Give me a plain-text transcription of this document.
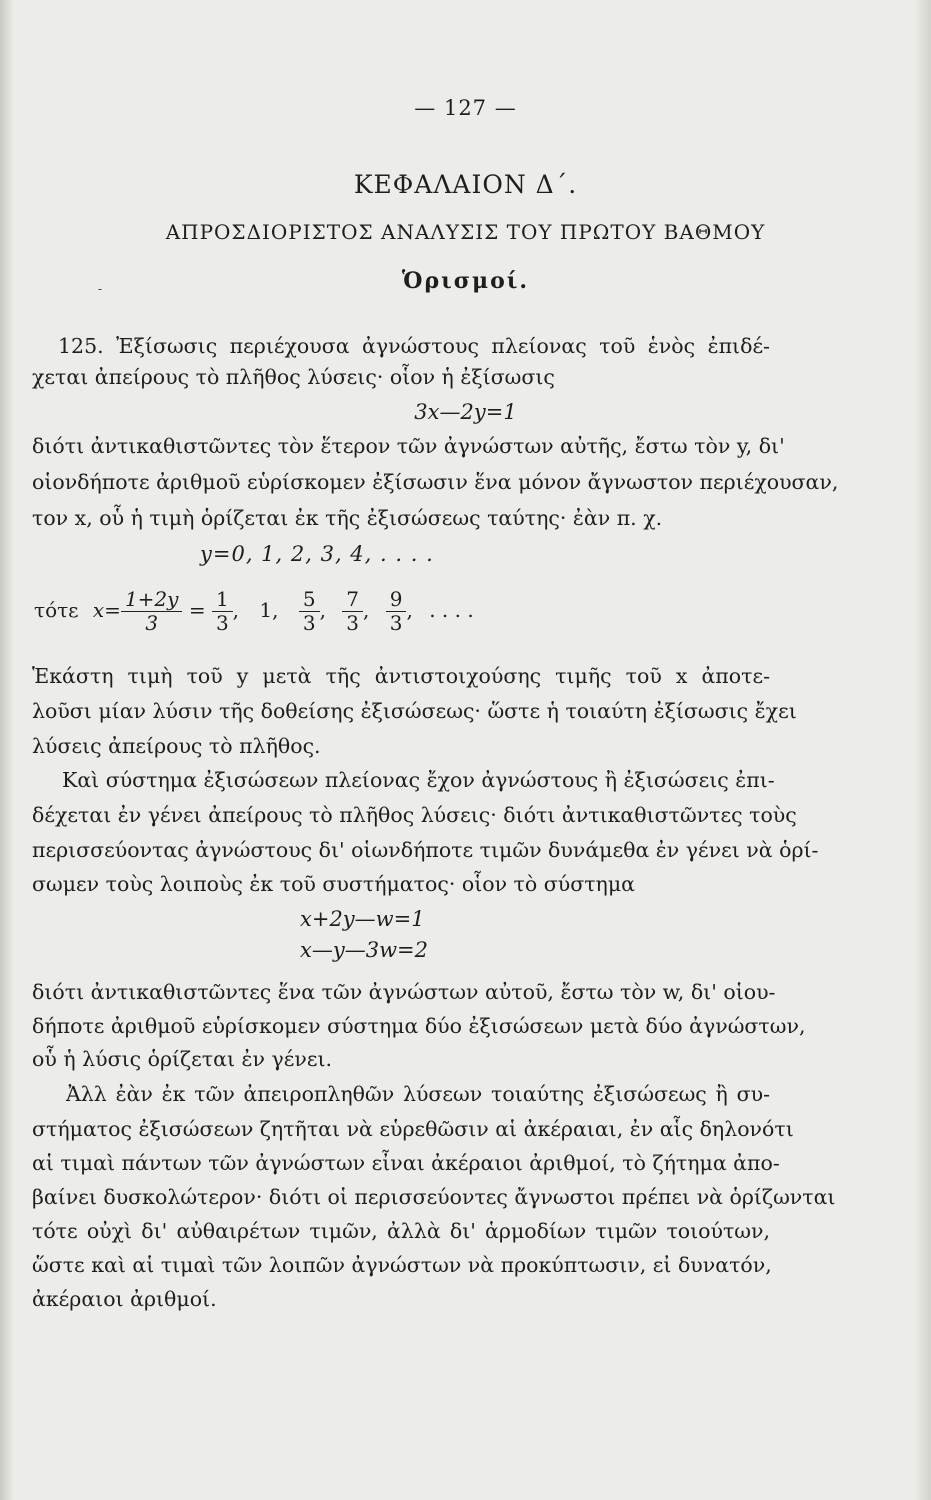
— 127 —
ΚΕΦΑΛΑΙΟΝ Δ΄.
ΑΠΡΟΣΔΙΟΡΙΣΤΟΣ ΑΝΑΛΥΣΙΣ ΤΟΥ ΠΡΩΤΟΥ ΒΑΘΜΟΥ
Ὁρισμοί.
-
125. Ἐξίσωσις περιέχουσα ἀγνώστους πλείονας τοῦ ἑνὸς ἐπιδέ-
χεται ἀπείρους τὸ πλῆθος λύσεις· οἷον ἡ ἐξίσωσις
3x—2y=1
διότι ἀντικαθιστῶντες τὸν ἕτερον τῶν ἀγνώστων αὐτῆς, ἔστω τὸν y, δι'
οἱονδήποτε ἀριθμοῦ εὑρίσκομεν ἐξίσωσιν ἕνα μόνον ἄγνωστον περιέχουσαν,
τον x, οὗ ἡ τιμὴ ὁρίζεται ἐκ τῆς ἐξισώσεως ταύτης· ἐὰν π. χ.
y=0, 1, 2, 3, 4, . . . .
τότε $x= \frac{1+2y}{3} = \frac{1}{3}$ , 1, $\frac{5}{3}$ , $\frac{7}{3}$ , $\frac{9}{3}$ , . . . .
Ἑκάστη τιμὴ τοῦ y μετὰ τῆς ἀντιστοιχούσης τιμῆς τοῦ x ἀποτε-
λοῦσι μίαν λύσιν τῆς δοθείσης ἐξισώσεως· ὥστε ἡ τοιαύτη ἐξίσωσις ἔχει
λύσεις ἀπείρους τὸ πλῆθος.
Καὶ σύστημα ἐξισώσεων πλείονας ἔχον ἀγνώστους ἢ ἐξισώσεις ἐπι-
δέχεται ἐν γένει ἀπείρους τὸ πλῆθος λύσεις· διότι ἀντικαθιστῶντες τοὺς
περισσεύοντας ἀγνώστους δι' οἱωνδήποτε τιμῶν δυνάμεθα ἐν γένει νὰ ὁρί-
σωμεν τοὺς λοιποὺς ἐκ τοῦ συστήματος· οἷον τὸ σύστημα
x+2y—w=1
x—y—3w=2
διότι ἀντικαθιστῶντες ἕνα τῶν ἀγνώστων αὐτοῦ, ἔστω τὸν w, δι' οἱου-
δήποτε ἀριθμοῦ εὑρίσκομεν σύστημα δύο ἐξισώσεων μετὰ δύο ἀγνώστων,
οὗ ἡ λύσις ὁρίζεται ἐν γένει.
Ἀλλ ἐὰν ἐκ τῶν ἀπειροπληθῶν λύσεων τοιαύτης ἐξισώσεως ἢ συ-
στήματος ἐξισώσεων ζητῆται νὰ εὑρεθῶσιν αἱ ἀκέραιαι, ἐν αἷς δηλονότι
αἱ τιμαὶ πάντων τῶν ἀγνώστων εἶναι ἀκέραιοι ἀριθμοί, τὸ ζήτημα ἀπο-
βαίνει δυσκολώτερον· διότι οἱ περισσεύοντες ἄγνωστοι πρέπει νὰ ὁρίζωνται
τότε οὐχὶ δι' αὐθαιρέτων τιμῶν, ἀλλὰ δι' ἁρμοδίων τιμῶν τοιούτων,
ὥστε καὶ αἱ τιμαὶ τῶν λοιπῶν ἀγνώστων νὰ προκύπτωσιν, εἰ δυνατόν,
ἀκέραιοι ἀριθμοί.
